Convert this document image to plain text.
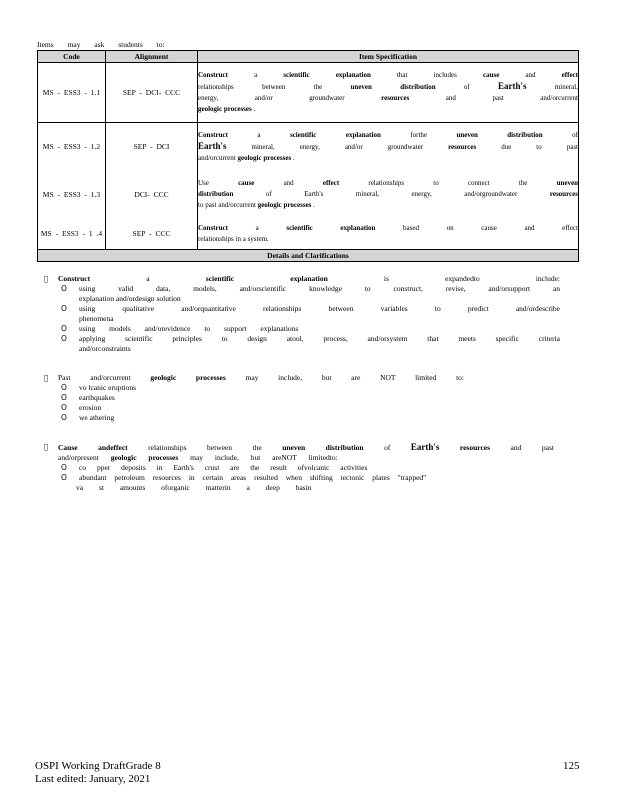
Items may ask students to:
Code	Alignment	Item Specification
MS - ESS3 - 1.1	SEP - DCI- CCC	Construct a scientific explanation that includes cause and effect
relationships between the uneven distribution of Earth's mineral,
energy, and/or groundwater resources and past and/orcurrent
geologic processes .

MS - ESS3 - 1.2	SEP - DCI	Construct a scientific explanation forthe uneven distribution of
Earth's mineral, energy, and/or groundwater resources due to past
and/orcurrent geologic processes .

MS - ESS3 - 1.3	DCI- CCC	Use cause and effect relationships to connect the uneven
distribution of Earth's mineral, energy, and/orgroundwater resources
to past and/orcurrent geologic processes .

MS - ESS3 - 1 .4	SEP - CCC	Construct a scientific explanation based on cause and effect
relationships in a system.

Details and Clarifications		
Construct a scientific explanation is expandedto include:
O using valid data, models, and/orscientific knowledge to construct, revise, and/orsupport an
explanation and/ordesign solution
O using qualitative and/orquantitative relationships between variables to predict and/ordescribe
phenomena
O using models and/orevidence to support explanations
O applying scientific principles to design atool, process, and/orsystem that meets specific criteria
and/orconstraints
Past and/orcurrent geologic processes may include, but are NOT limited to:
O vo lcanic eruptions
O earthquakes
O erosion
O we athering
Cause andeffect relationships between the uneven distribution of Earth's	resources and past
and/orpresent geologic processes may include, but areNOT limitedto:
O co pper deposits in Earth's crust are the result ofvolcanic activities
O abundant petroleum resources in certain areas resulted when shifting tectonic plates "trapped"
va st amounts oforganic matterin a deep basin
OSPI Working DraftGrade 8
Last edited: January, 2021
125
